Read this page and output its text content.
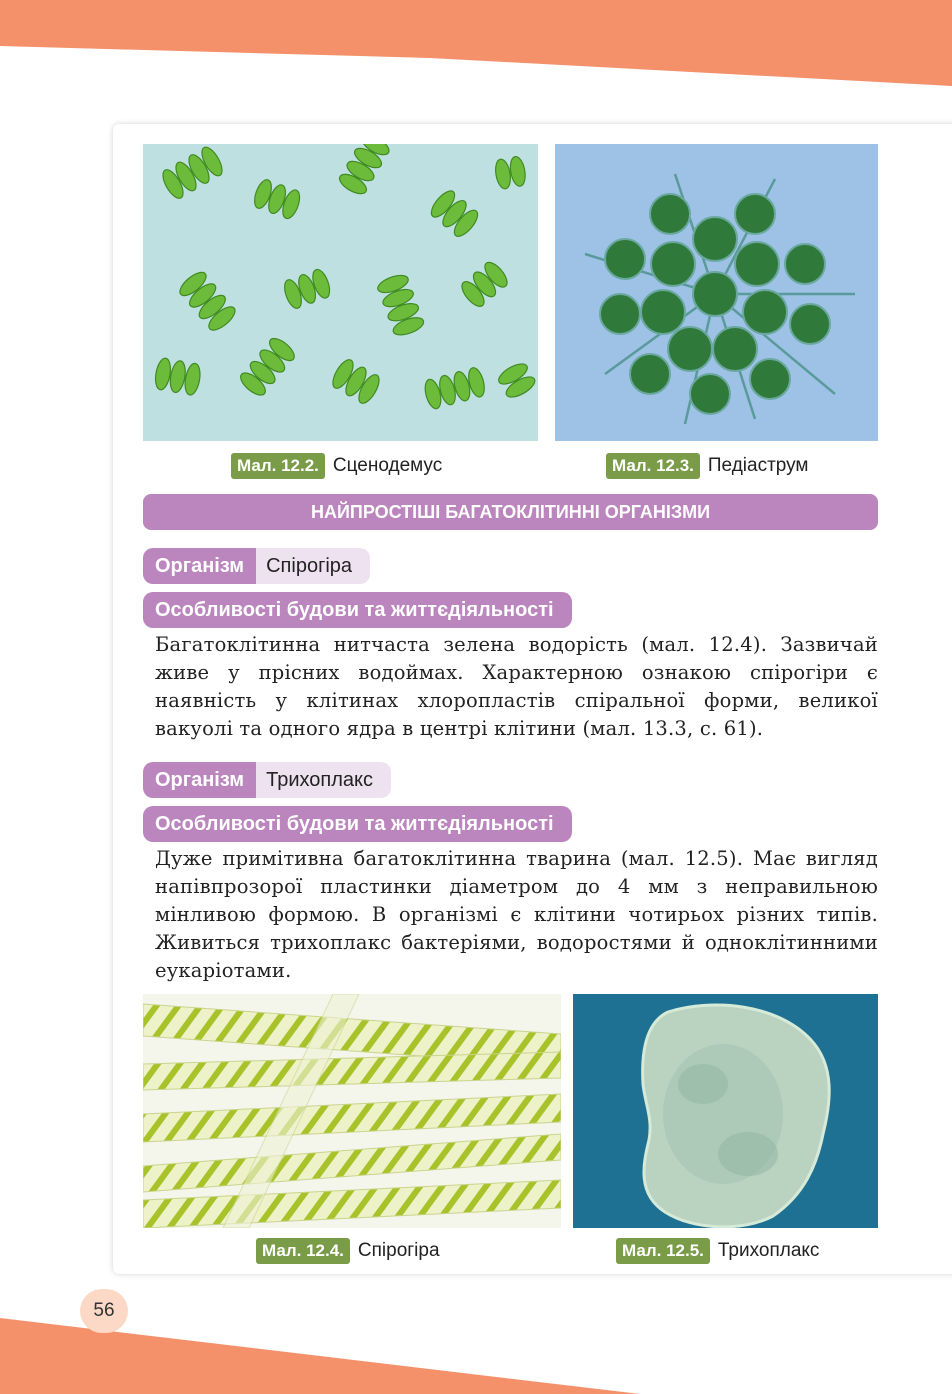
Мал. 12.2. Сценодемус	Мал. 12.3. Педіаструм
НАЙПРОСТІШІ БАГАТОКЛІТИННІ ОРГАНІЗМИ
Організм	Спірогіра
Особливості будови та життєдіяльності

Багатоклітинна нитчаста зелена водорість (мал. 12.4). Зазвичай живе у прісних водоймах. Характерною ознакою спірогіри є наявність у клітинах хлоропластів спіральної форми, великої вакуолі та одного ядра в центрі клітини (мал. 13.3, с. 61).

Організм	Трихоплакс
Особливості будови та життєдіяльності

Дуже примітивна багатоклітинна тварина (мал. 12.5). Має вигляд напівпрозорої пластинки діаметром до 4 мм з неправильною мінливою формою. В організмі є клітини чотирьох різних типів. Живиться трихоплакс бактеріями, водоростями й одноклітинними еукаріотами.

Мал. 12.4. Спірогіра	Мал. 12.5. Трихоплакс
56
